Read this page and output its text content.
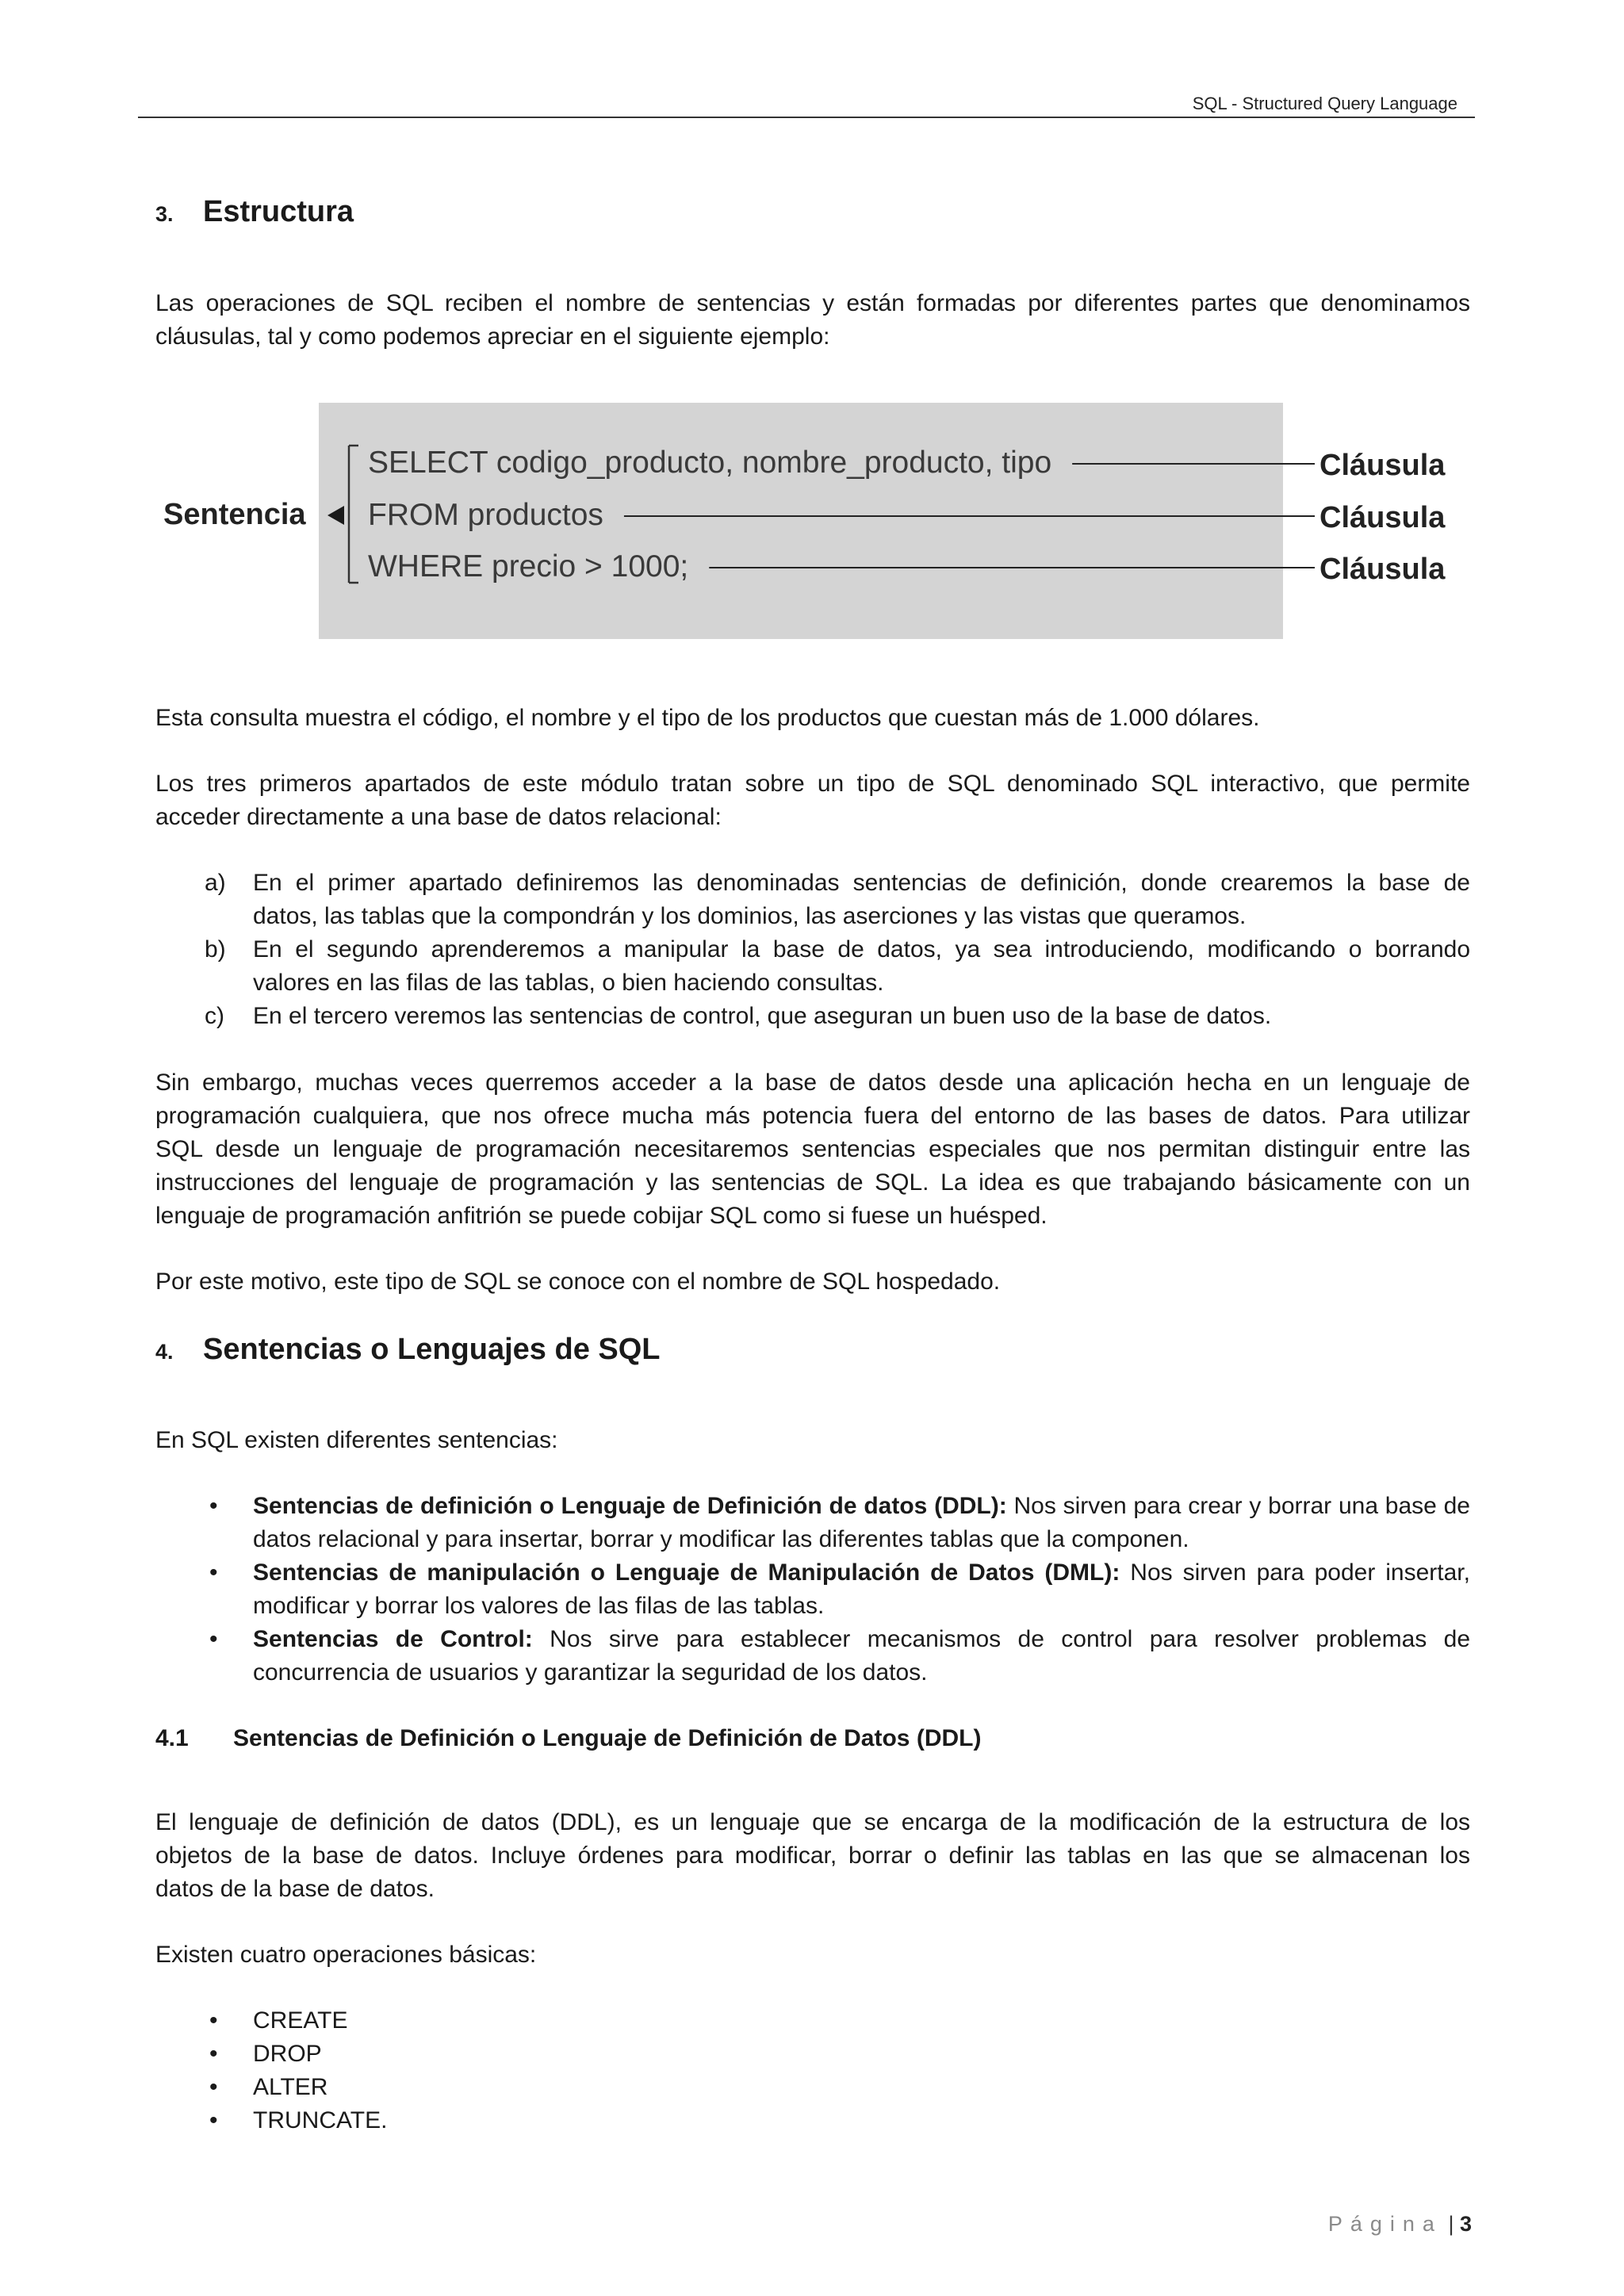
SQL - Structured Query Language
3. Estructura
Las operaciones de SQL reciben el nombre de sentencias y están formadas por diferentes partes que denominamos
cláusulas, tal y como podemos apreciar en el siguiente ejemplo:
Sentencia
SELECT codigo_producto, nombre_producto, tipo
FROM productos
WHERE precio > 1000;
Cláusula
Cláusula
Cláusula
Esta consulta muestra el código, el nombre y el tipo de los productos que cuestan más de 1.000 dólares.
Los tres primeros apartados de este módulo tratan sobre un tipo de SQL denominado SQL interactivo, que permite
acceder directamente a una base de datos relacional:
a) En el primer apartado definiremos las denominadas sentencias de definición, donde crearemos la base de
datos, las tablas que la compondrán y los dominios, las aserciones y las vistas que queramos.
b) En el segundo aprenderemos a manipular la base de datos, ya sea introduciendo, modificando o borrando
valores en las filas de las tablas, o bien haciendo consultas.
c) En el tercero veremos las sentencias de control, que aseguran un buen uso de la base de datos.
Sin embargo, muchas veces querremos acceder a la base de datos desde una aplicación hecha en un lenguaje de
programación cualquiera, que nos ofrece mucha más potencia fuera del entorno de las bases de datos. Para utilizar
SQL desde un lenguaje de programación necesitaremos sentencias especiales que nos permitan distinguir entre las
instrucciones del lenguaje de programación y las sentencias de SQL. La idea es que trabajando básicamente con un
lenguaje de programación anfitrión se puede cobijar SQL como si fuese un huésped.
Por este motivo, este tipo de SQL se conoce con el nombre de SQL hospedado.
4. Sentencias o Lenguajes de SQL
En SQL existen diferentes sentencias:
• Sentencias de definición o Lenguaje de Definición de datos (DDL): Nos sirven para crear y borrar una base de
datos relacional y para insertar, borrar y modificar las diferentes tablas que la componen.
• Sentencias de manipulación o Lenguaje de Manipulación de Datos (DML): Nos sirven para poder insertar,
modificar y borrar los valores de las filas de las tablas.
• Sentencias de Control: Nos sirve para establecer mecanismos de control para resolver problemas de
concurrencia de usuarios y garantizar la seguridad de los datos.
4.1 Sentencias de Definición o Lenguaje de Definición de Datos (DDL)
El lenguaje de definición de datos (DDL), es un lenguaje que se encarga de la modificación de la estructura de los
objetos de la base de datos. Incluye órdenes para modificar, borrar o definir las tablas en las que se almacenan los
datos de la base de datos.
Existen cuatro operaciones básicas:
• CREATE
• DROP
• ALTER
• TRUNCATE.
Página | 3
